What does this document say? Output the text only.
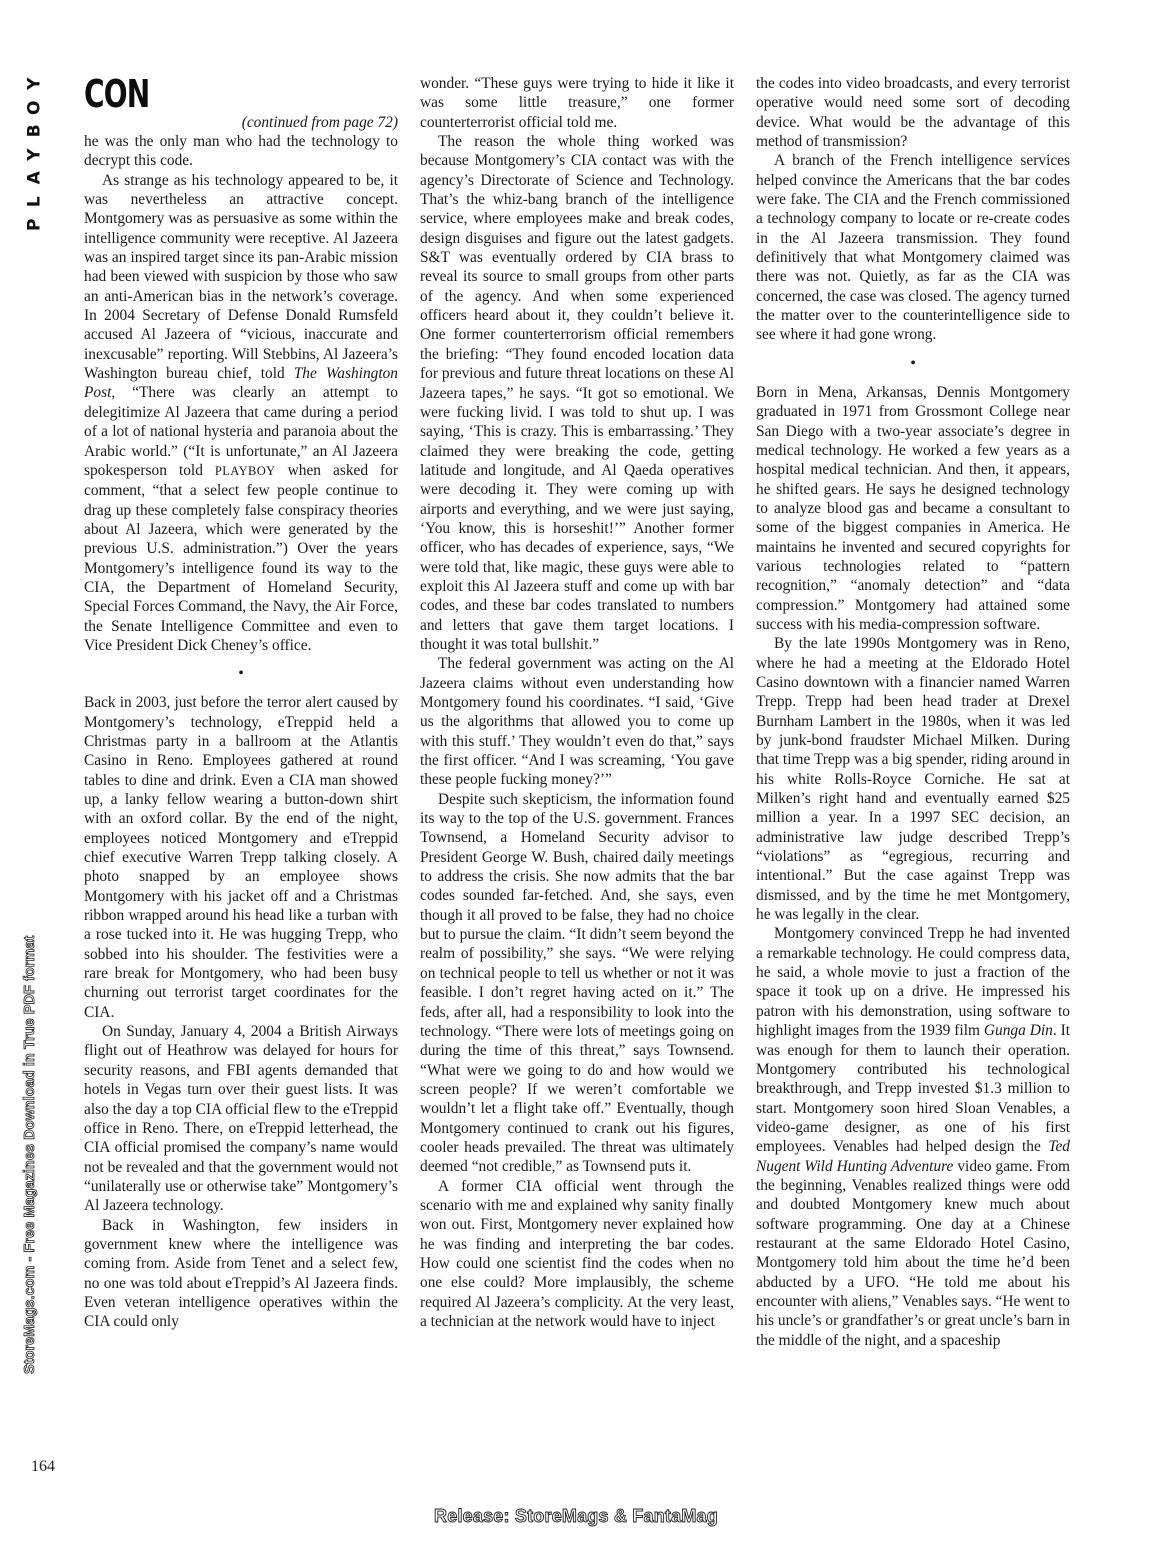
Y
O
B
Y
A
L
P
StoreMags.com - Free Magazines Download in True PDF format
CON
(continued from page 72)

he was the only man who had the technology to decrypt this code.

As strange as his technology appeared to be, it was nevertheless an attractive concept. Montgomery was as persuasive as some within the intelligence community were receptive. Al Jazeera was an inspired target since its pan-Arabic mission had been viewed with suspicion by those who saw an anti-American bias in the network’s coverage. In 2004 Secretary of Defense Donald Rumsfeld accused Al Jazeera of “vicious, inaccurate and inexcusable” reporting. Will Stebbins, Al Jazeera’s Washington bureau chief, told The Washington Post, “There was clearly an attempt to delegitimize Al Jazeera that came during a period of a lot of national hysteria and paranoia about the Arabic world.” (“It is unfortunate,” an Al Jazeera spokesperson told PLAYBOY when asked for comment, “that a select few people continue to drag up these completely false conspiracy theories about Al Jazeera, which were generated by the previous U.S. administration.”) Over the years Montgomery’s intelligence found its way to the CIA, the Department of Homeland Security, Special Forces Command, the Navy, the Air Force, the Senate Intelligence Committee and even to Vice President Dick Cheney’s office.

•

Back in 2003, just before the terror alert caused by Montgomery’s technology, eTreppid held a Christmas party in a ballroom at the Atlantis Casino in Reno. Employees gathered at round tables to dine and drink. Even a CIA man showed up, a lanky fellow wearing a button-down shirt with an oxford collar. By the end of the night, employees noticed Montgomery and eTreppid chief executive Warren Trepp talking closely. A photo snapped by an employee shows Montgomery with his jacket off and a Christmas ribbon wrapped around his head like a turban with a rose tucked into it. He was hugging Trepp, who sobbed into his shoulder. The festivities were a rare break for Montgomery, who had been busy churning out terrorist target coordinates for the CIA.

On Sunday, January 4, 2004 a British Airways flight out of Heathrow was delayed for hours for security reasons, and FBI agents demanded that hotels in Vegas turn over their guest lists. It was also the day a top CIA official flew to the eTreppid office in Reno. There, on eTreppid letterhead, the CIA official promised the company’s name would not be revealed and that the government would not “unilaterally use or otherwise take” Montgomery’s Al Jazeera technology.

Back in Washington, few insiders in government knew where the intelligence was coming from. Aside from Tenet and a select few, no one was told about eTreppid’s Al Jazeera finds. Even veteran intelligence operatives within the CIA could only

wonder. “These guys were trying to hide it like it was some little treasure,” one former counterterrorist official told me.

The reason the whole thing worked was because Montgomery’s CIA contact was with the agency’s Directorate of Science and Technology. That’s the whiz-bang branch of the intelligence service, where employees make and break codes, design disguises and figure out the latest gadgets. S&T was eventually ordered by CIA brass to reveal its source to small groups from other parts of the agency. And when some experienced officers heard about it, they couldn’t believe it. One former counterterrorism official remembers the briefing: “They found encoded location data for previous and future threat locations on these Al Jazeera tapes,” he says. “It got so emotional. We were fucking livid. I was told to shut up. I was saying, ‘This is crazy. This is embarrassing.’ They claimed they were breaking the code, getting latitude and longitude, and Al Qaeda operatives were decoding it. They were coming up with airports and everything, and we were just saying, ‘You know, this is horseshit!’” Another former officer, who has decades of experience, says, “We were told that, like magic, these guys were able to exploit this Al Jazeera stuff and come up with bar codes, and these bar codes translated to numbers and letters that gave them target locations. I thought it was total bullshit.”

The federal government was acting on the Al Jazeera claims without even understanding how Montgomery found his coordinates. “I said, ‘Give us the algorithms that allowed you to come up with this stuff.’ They wouldn’t even do that,” says the first officer. “And I was screaming, ‘You gave these people fucking money?’”

Despite such skepticism, the information found its way to the top of the U.S. government. Frances Townsend, a Homeland Security advisor to President George W. Bush, chaired daily meetings to address the crisis. She now admits that the bar codes sounded far-fetched. And, she says, even though it all proved to be false, they had no choice but to pursue the claim. “It didn’t seem beyond the realm of possibility,” she says. “We were relying on technical people to tell us whether or not it was feasible. I don’t regret having acted on it.” The feds, after all, had a responsibility to look into the technology. “There were lots of meetings going on during the time of this threat,” says Townsend. “What were we going to do and how would we screen people? If we weren’t comfortable we wouldn’t let a flight take off.” Eventually, though Montgomery continued to crank out his figures, cooler heads prevailed. The threat was ultimately deemed “not credible,” as Townsend puts it.

A former CIA official went through the scenario with me and explained why sanity finally won out. First, Montgomery never explained how he was finding and interpreting the bar codes. How could one scientist find the codes when no one else could? More implausibly, the scheme required Al Jazeera’s complicity. At the very least, a technician at the network would have to inject

the codes into video broadcasts, and every terrorist operative would need some sort of decoding device. What would be the advantage of this method of transmission?

A branch of the French intelligence services helped convince the Americans that the bar codes were fake. The CIA and the French commissioned a technology company to locate or re-create codes in the Al Jazeera transmission. They found definitively that what Montgomery claimed was there was not. Quietly, as far as the CIA was concerned, the case was closed. The agency turned the matter over to the counterintelligence side to see where it had gone wrong.

•

Born in Mena, Arkansas, Dennis Montgomery graduated in 1971 from Grossmont College near San Diego with a two-year associate’s degree in medical technology. He worked a few years as a hospital medical technician. And then, it appears, he shifted gears. He says he designed technology to analyze blood gas and became a consultant to some of the biggest companies in America. He maintains he invented and secured copyrights for various technologies related to “pattern recognition,” “anomaly detection” and “data compression.” Montgomery had attained some success with his media-compression software.

By the late 1990s Montgomery was in Reno, where he had a meeting at the Eldorado Hotel Casino downtown with a financier named Warren Trepp. Trepp had been head trader at Drexel Burnham Lambert in the 1980s, when it was led by junk-bond fraudster Michael Milken. During that time Trepp was a big spender, riding around in his white Rolls-Royce Corniche. He sat at Milken’s right hand and eventually earned $25 million a year. In a 1997 SEC decision, an administrative law judge described Trepp’s “violations” as “egregious, recurring and intentional.” But the case against Trepp was dismissed, and by the time he met Montgomery, he was legally in the clear.

Montgomery convinced Trepp he had invented a remarkable technology. He could compress data, he said, a whole movie to just a fraction of the space it took up on a drive. He impressed his patron with his demonstration, using software to highlight images from the 1939 film Gunga Din. It was enough for them to launch their operation. Montgomery contributed his technological breakthrough, and Trepp invested $1.3 million to start. Montgomery soon hired Sloan Venables, a video-game designer, as one of his first employees. Venables had helped design the Ted Nugent Wild Hunting Adventure video game. From the beginning, Venables realized things were odd and doubted Montgomery knew much about software programming. One day at a Chinese restaurant at the same Eldorado Hotel Casino, Montgomery told him about the time he’d been abducted by a UFO. “He told me about his encounter with aliens,” Venables says. “He went to his uncle’s or grandfather’s or great uncle’s barn in the middle of the night, and a spaceship

164
Release: StoreMags & FantaMag
